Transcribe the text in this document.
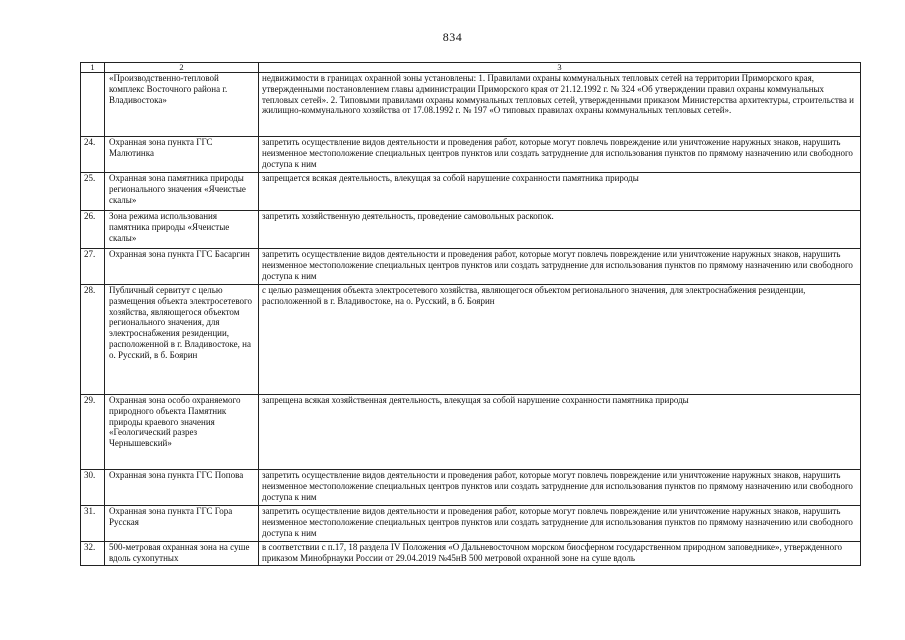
834
1	2	3
	«Производственно-тепловой комплекс Восточного района г. Владивостока»	недвижимости в границах охранной зоны установлены: 1. Правилами охраны коммунальных тепловых сетей на территории Приморского края, утвержденными постановлением главы администрации Приморского края от 21.12.1992 г. № 324 «Об утверждении правил охраны коммунальных тепловых сетей». 2. Типовыми правилами охраны коммунальных тепловых сетей, утвержденными приказом Министерства архитектуры, строительства и жилищно-коммунального хозяйства от 17.08.1992 г. № 197 «О типовых правилах охраны коммунальных тепловых сетей».
24.	Охранная зона пункта ГГС Малютинка	запретить осуществление видов деятельности и проведения работ, которые могут повлечь повреждение или уничтожение наружных знаков, нарушить неизменное местоположение специальных центров пунктов или создать затруднение для использования пунктов по прямому назначению или свободного доступа к ним
25.	Охранная зона памятника природы регионального значения «Ячеистые скалы»	запрещается всякая деятельность, влекущая за собой нарушение сохранности памятника природы
26.	Зона режима использования памятника природы «Ячеистые скалы»	запретить хозяйственную деятельность, проведение самовольных раскопок.
27.	Охранная зона пункта ГГС Басаргин	запретить осуществление видов деятельности и проведения работ, которые могут повлечь повреждение или уничтожение наружных знаков, нарушить неизменное местоположение специальных центров пунктов или создать затруднение для использования пунктов по прямому назначению или свободного доступа к ним
28.	Публичный сервитут с целью размещения объекта электросетевого хозяйства, являющегося объектом регионального значения, для электроснабжения резиденции, расположенной в г. Владивостоке, на о. Русский, в б. Боярин	с целью размещения объекта электросетевого хозяйства, являющегося объектом регионального значения, для электроснабжения резиденции, расположенной в г. Владивостоке, на о. Русский, в б. Боярин
29.	Охранная зона особо охраняемого природного объекта Памятник природы краевого значения «Геологический разрез Чернышевский»	запрещена всякая хозяйственная деятельность, влекущая за собой нарушение сохранности памятника природы
30.	Охранная зона пункта ГГС Попова	запретить осуществление видов деятельности и проведения работ, которые могут повлечь повреждение или уничтожение наружных знаков, нарушить неизменное местоположение специальных центров пунктов или создать затруднение для использования пунктов по прямому назначению или свободного доступа к ним
31.	Охранная зона пункта ГГС Гора Русская	запретить осуществление видов деятельности и проведения работ, которые могут повлечь повреждение или уничтожение наружных знаков, нарушить неизменное местоположение специальных центров пунктов или создать затруднение для использования пунктов по прямому назначению или свободного доступа к ним
32.	500-метровая охранная зона на суше вдоль сухопутных	в соответствии с п.17, 18 раздела IV Положения «О Дальневосточном морском биосферном государственном природном заповеднике», утвержденного приказом Минобрнауки России от 29.04.2019 №45нВ 500 метровой охранной зоне на суше вдоль
